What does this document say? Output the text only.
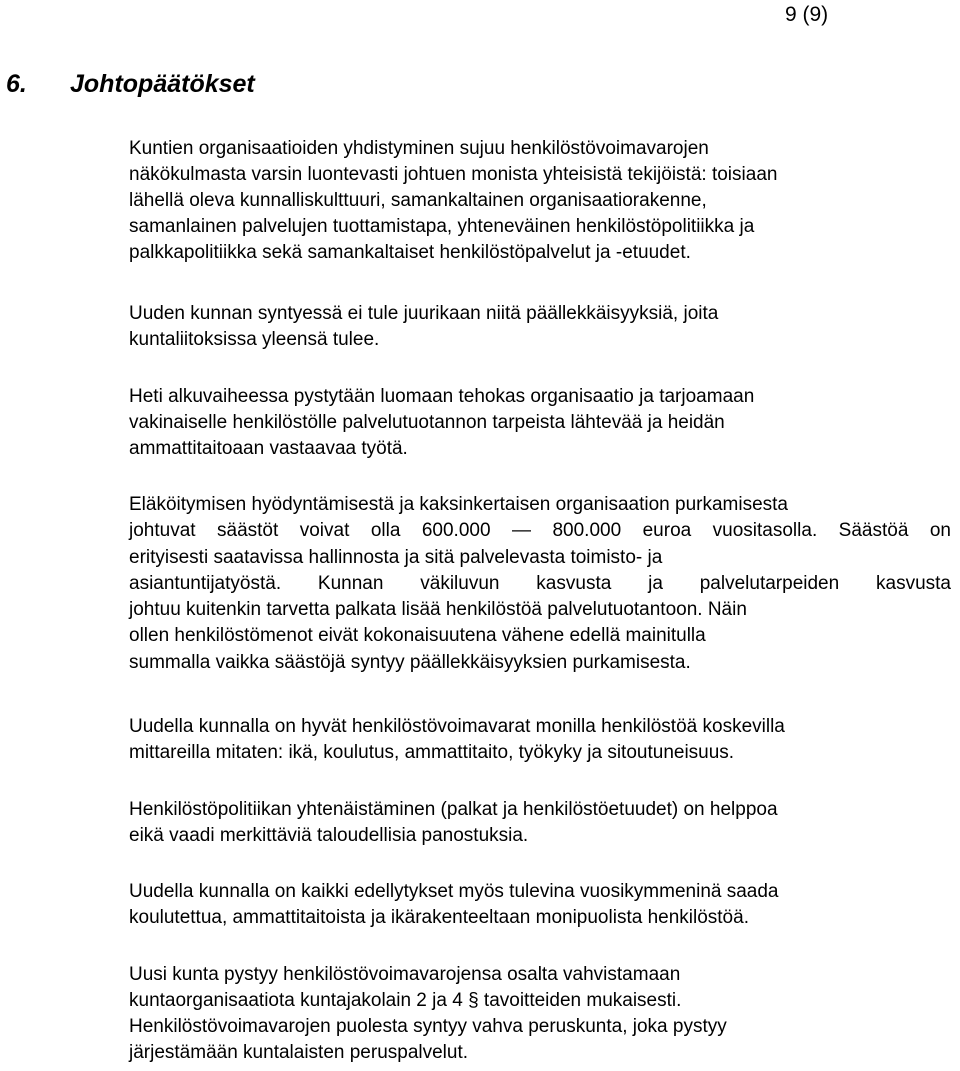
9 (9)
6. Johtopäätökset

Kuntien organisaatioiden yhdistyminen sujuu henkilöstövoimavarojen
näkökulmasta varsin luontevasti johtuen monista yhteisistä tekijöistä: toisiaan
lähellä oleva kunnalliskulttuuri, samankaltainen organisaatiorakenne,
samanlainen palvelujen tuottamistapa, yhteneväinen henkilöstöpolitiikka ja
palkkapolitiikka sekä samankaltaiset henkilöstöpalvelut ja -etuudet.

Uuden kunnan syntyessä ei tule juurikaan niitä päällekkäisyyksiä, joita
kuntaliitoksissa yleensä tulee.

Heti alkuvaiheessa pystytään luomaan tehokas organisaatio ja tarjoamaan
vakinaiselle henkilöstölle palvelutuotannon tarpeista lähtevää ja heidän
ammattitaitoaan vastaavaa työtä.

Eläköitymisen hyödyntämisestä ja kaksinkertaisen organisaation purkamisesta
johtuvat säästöt voivat olla 600.000 — 800.000 euroa vuositasolla. Säästöä on
erityisesti saatavissa hallinnosta ja sitä palvelevasta toimisto- ja
asiantuntijatyöstä. Kunnan väkiluvun kasvusta ja palvelutarpeiden kasvusta
johtuu kuitenkin tarvetta palkata lisää henkilöstöä palvelutuotantoon. Näin
ollen henkilöstömenot eivät kokonaisuutena vähene edellä mainitulla
summalla vaikka säästöjä syntyy päällekkäisyyksien purkamisesta.

Uudella kunnalla on hyvät henkilöstövoimavarat monilla henkilöstöä koskevilla
mittareilla mitaten: ikä, koulutus, ammattitaito, työkyky ja sitoutuneisuus.

Henkilöstöpolitiikan yhtenäistäminen (palkat ja henkilöstöetuudet) on helppoa
eikä vaadi merkittäviä taloudellisia panostuksia.

Uudella kunnalla on kaikki edellytykset myös tulevina vuosikymmeninä saada
koulutettua, ammattitaitoista ja ikärakenteeltaan monipuolista henkilöstöä.

Uusi kunta pystyy henkilöstövoimavarojensa osalta vahvistamaan
kuntaorganisaatiota kuntajakolain 2 ja 4 § tavoitteiden mukaisesti.
Henkilöstövoimavarojen puolesta syntyy vahva peruskunta, joka pystyy
järjestämään kuntalaisten peruspalvelut.
